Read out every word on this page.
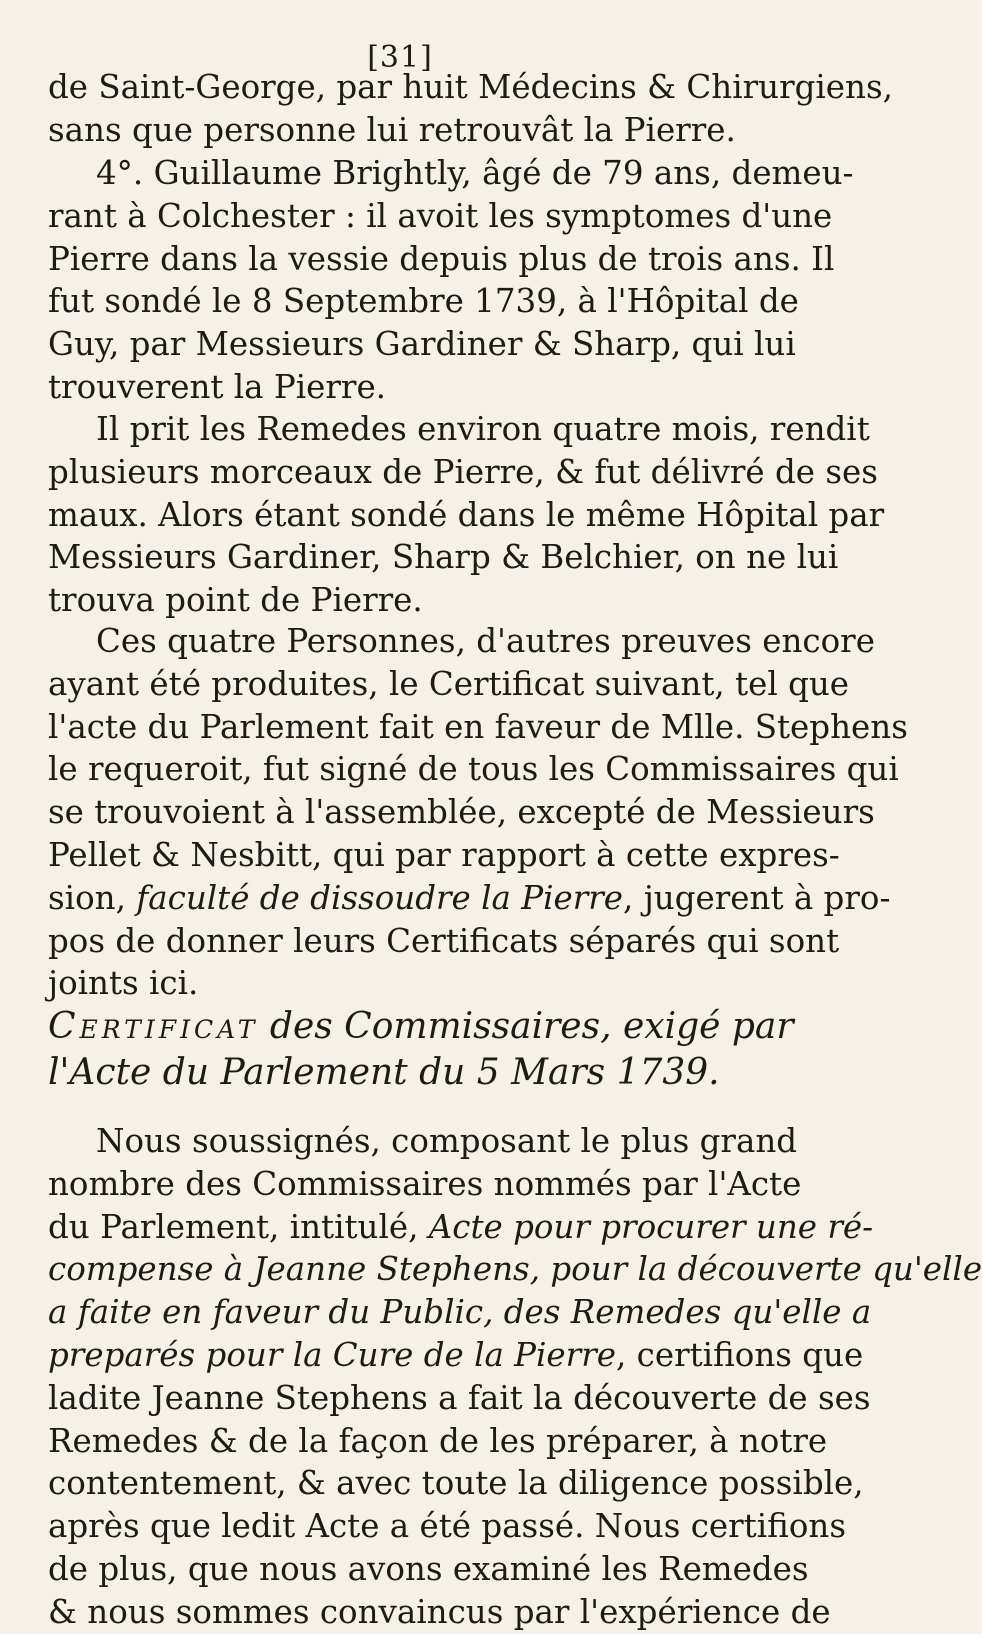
[31]
de Saint-George, par huit Médecins & Chirurgiens,
sans que personne lui retrouvât la Pierre.
4°. Guillaume Brightly, âgé de 79 ans, demeu-
rant à Colchester : il avoit les symptomes d'une
Pierre dans la vessie depuis plus de trois ans. Il
fut sondé le 8 Septembre 1739, à l'Hôpital de
Guy, par Messieurs Gardiner & Sharp, qui lui
trouverent la Pierre.
Il prit les Remedes environ quatre mois, rendit
plusieurs morceaux de Pierre, & fut délivré de ses
maux. Alors étant sondé dans le même Hôpital par
Messieurs Gardiner, Sharp & Belchier, on ne lui
trouva point de Pierre.
Ces quatre Personnes, d'autres preuves encore
ayant été produites, le Certificat suivant, tel que
l'acte du Parlement fait en faveur de Mlle. Stephens
le requeroit, fut signé de tous les Commissaires qui
se trouvoient à l'assemblée, excepté de Messieurs
Pellet & Nesbitt, qui par rapport à cette expres-
sion, faculté de dissoudre la Pierre, jugerent à pro-
pos de donner leurs Certificats séparés qui sont
joints ici.
Certificat des Commissaires, exigé par
l'Acte du Parlement du 5 Mars 1739.
Nous soussignés, composant le plus grand
nombre des Commissaires nommés par l'Acte
du Parlement, intitulé, Acte pour procurer une ré-
compense à Jeanne Stephens, pour la découverte qu'elle
a faite en faveur du Public, des Remedes qu'elle a
preparés pour la Cure de la Pierre, certifions que
ladite Jeanne Stephens a fait la découverte de ses
Remedes & de la façon de les préparer, à notre
contentement, & avec toute la diligence possible,
après que ledit Acte a été passé. Nous certifions
de plus, que nous avons examiné les Remedes
& nous sommes convaincus par l'expérience de
